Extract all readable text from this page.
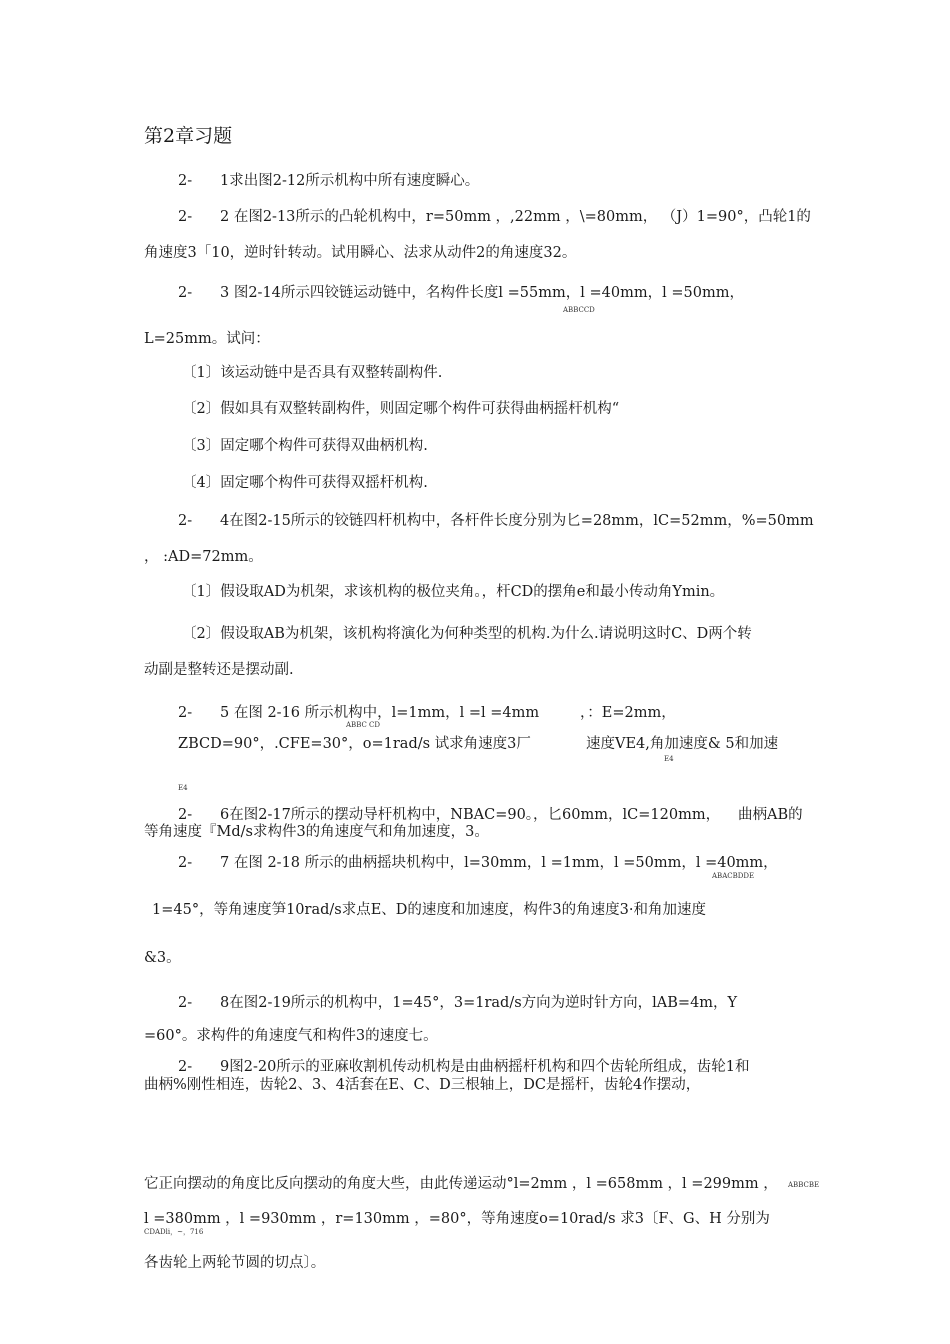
第2章习题
2- 1求出图2-12所示机构中所有速度瞬心。
2- 2 在图2-13所示的凸轮机构中，r=50mm ，,22mm ，\=80mm， （J）1=90°，凸轮1的
角速度3「10，逆时针转动。试用瞬心、法求从动件2的角速度32。
2- 3 图2-14所示四铰链运动链中，名构件长度l =55mm，l =40mm，l =50mm，
ABBCCD
L=25mm。试问：
〔1〕该运动链中是否具有双整转副构件.
〔2〕假如具有双整转副构件，则固定哪个构件可获得曲柄摇杆机构“
〔3〕固定哪个构件可获得双曲柄机构.
〔4〕固定哪个构件可获得双摇杆机构.
2- 4在图2-15所示的铰链四杆机构中，各杆件长度分别为匕=28mm，lC=52mm，%=50mm
， :AD=72mm。
〔1〕假设取AD为机架，求该机构的极位夹角。，杆CD的摆角e和最小传动角Ymin。
〔2〕假设取AB为机架，该机构将演化为何种类型的机构.为什么.请说明这时C、D两个转
动副是整转还是摆动副.
2- 5 在图 2-16 所示机构中，l=1mm，l =l =4mm	，：E=2mm，
ABBC CD
ZBCD=90°，.CFE=30°，o=1rad/s 试求角速度3厂	速度VE4,角加速度& 5和加速
E4
E4
2- 6在图2-17所示的摆动导杆机构中，NBAC=90。，匕60mm，lC=120mm， 曲柄AB的
等角速度『Md/s求构件3的角速度气和角加速度，3。
2- 7 在图 2-18 所示的曲柄摇块机构中，l=30mm，l =1mm，l =50mm，l =40mm，
ABACBDDE
1=45°，等角速度笋10rad/s求点E、D的速度和加速度，构件3的角速度3·和角加速度
&3。
2- 8在图2-19所示的机构中，1=45°，3=1rad/s方向为逆时针方向，lAB=4m，Y
=60°。求构件的角速度气和构件3的速度七。
2- 9图2-20所示的亚麻收割机传动机构是由曲柄摇杆机构和四个齿轮所组成，齿轮1和
曲柄%刚性相连，齿轮2、3、4活套在E、C、D三根轴上，DC是摇杆，齿轮4作摆动，
它正向摆动的角度比反向摆动的角度大些，由此传递运动°l=2mm ，l =658mm ，l =299mm ， ABBCBE
l =380mm ，l =930mm ，r=130mm ，=80°，等角速度o=10rad/s 求3〔F、G、H 分别为
CDADli，~，716
各齿轮上两轮节圆的切点〕。
